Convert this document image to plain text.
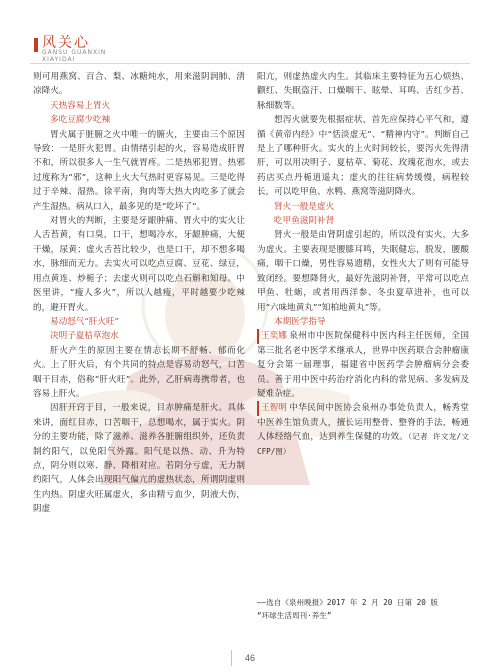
风关心
GANSU GUANXIN
XIAYIDAI

则可用燕窝、百合、梨、冰糖炖水，用来滋阴润肺、清凉降火。

天热容易上胃火

多吃豆腐少吃辣

胃火属于脏腑之火中唯一的腑火，主要由三个原因导致：一是肝火犯胃。由情绪引起的火，容易造成肝胃不和，所以很多人一生气就胃疼。二是热邪犯胃。热邪过度称为“邪”，这种上火大气热时更容易见。三是吃得过于辛辣、湿热。徐平南，狗肉等大热大肉吃多了就会产生湿热。病从口入，最多见的是“吃坏了”。

对胃火的判断，主要是牙龈肿痛、胃火中的实火让人舌苔黄，有口臭，口干，想喝冷水，牙龈肿痛，大便干燥，尿黄；虚火舌苔比较少，也是口干，却不想多喝水，脉细而无力。去实火可以吃点豆腐、豆花、绿豆，用点黄连、炒栀子；去虚火则可以吃点石斛和知母。中医里讲，“瘦人多火”，所以人越瘦，平时越要少吃辣的，避开胃火。

易动怒气“肝火旺”

决明子夏枯草泡水

肝火产生的原因主要在情志长期不舒畅、郁而化火。上了肝火后，有个共同的特点是容易动怒气，口苦咽干目赤，俗称“肝火旺”。此外，乙肝病毒携带者，也容易上肝火。

因肝开窍于目，一般来说，目赤肿痛是肝火。具体来讲，面红目赤，口苦咽干，总想喝水，属于实火。阴分的主要功能，除了滋养、滋养各脏腑组织外，还负责制约阳气，以免阳气外露。阳气是以热、动、升为特点，阴分则以寒、静、降相对应。若阴分亏虚，无力制约阳气，人体会出现阳气偏亢的虚热状态，所谓阴虚则生内热。阴虚火旺属虚火，多由精亏血少，阴液大伤，阴虚

阳亢，则虚热虚火内生。其临床主要特征为五心烦热、颧红、失眠盗汗、口燥咽干、眩晕、耳鸣、舌红少苔、脉细数等。

想泻火就要先根据症状，首先应保持心平气和，遵循《黄帝内经》中“恬淡虚无”、“精神内守”。判断自己是上了哪种肝火。实火的上火时间较长，要泻火先得清肝，可以用决明子、夏枯草、菊花、玫瑰花泡水，或去药店买点丹栀逍遥丸；虚火的往往病势缓慢，病程较长，可以吃甲鱼、水鸭、燕窝等滋阴降火。

肾火一般是虚火

吃甲鱼滋阴补肾

肾火一般是由肾阴虚引起的，所以没有实火，大多为虚火。主要表现是腰膝耳鸣，失眠健忘，脱发，腰酸痛，咽干口燥，男性容易遗精，女性火大了则有可能导致闭经。要想降肾火，最好先滋阴补肾，平常可以吃点甲鱼、牡蛎，或者用西洋参、冬虫夏草进补，也可以用“六味地黄丸”“知柏地黄丸”等。

本期医学指导

王奕娜 泉州市中医院保健科中医内科主任医师，全国第三批名老中医学术继承人，世界中医药联合会肿瘤康复分会第一届理事，福建省中医药学会肿瘤病分会委员。善于用中医中药治疗消化内科的常见病、多发病及疑难杂症。

王智明 中华民间中医协会泉州办事处负责人，畅秀堂中医养生馆负责人，擅长运用整骨、整脊的手法，畅通人体经络气血，达到养生保健的功效。（记者 许文龙/文 CFP/图）

——选自《泉州晚报》2017 年 2 月 20 日第 20 版
“环球生活周刊·养生”
46
